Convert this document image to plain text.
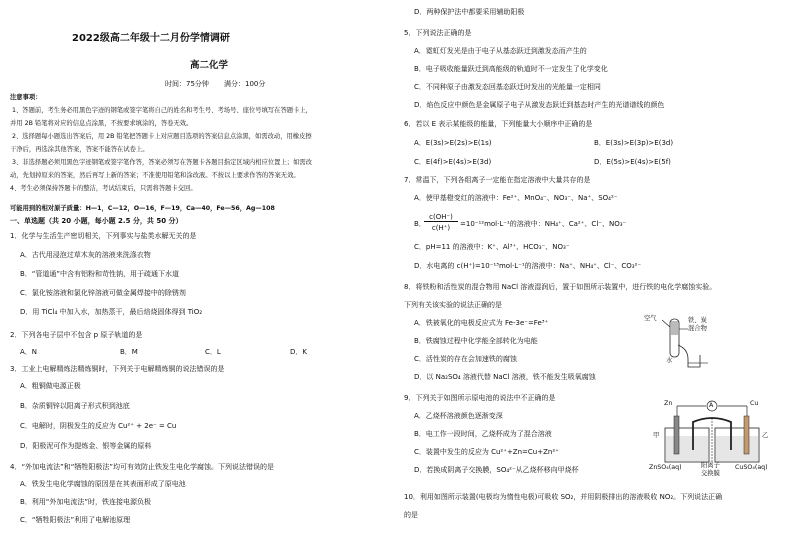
2022级高二年级十二月份学情调研
高二化学
时间：75分钟 满分：100分
注意事项：
1、答题前，考生务必用黑色字迹的钢笔或签字笔将自己的姓名和考生号、考场号、座位号填写在答题卡上，
并用 2B 铅笔将对应的信息点涂黑，不按要求填涂的，答卷无效。
2、选择题每小题选出答案后，用 2B 铅笔把答题卡上对应题目选项的答案信息点涂黑，如需改动，用橡皮擦
干净后，再选涂其他答案，答案不能答在试卷上。
3、非选择题必须用黑色字迹钢笔或签字笔作答，答案必须写在答题卡各题目指定区域内相应位置上；如需改
动，先划掉原来的答案，然后再写上新的答案；不准使用铅笔和涂改液。不按以上要求作答的答案无效。
4、考生必须保持答题卡的整洁，考试结束后，只需将答题卡交回。
可能用到的相对原子质量：H—1，C—12，O—16，F—19，Ca—40，Fe—56，Ag—108
一、单选题（共 20 小题，每小题 2.5 分，共 50 分）
1．化学与生活生产密切相关，下列事实与盐类水解无关的是
A．古代用浸泡过草木灰的溶液来洗涤衣物
B．“管道通”中含有铝粉和苛性钠，用于疏通下水道
C．氯化铵溶液和氯化锌溶液可做金属焊接中的除锈剂
D．用 TiCl₄ 中加入水，加热蒸干，最后焙烧固体得到 TiO₂
2．下列各电子层中不包含 p 原子轨道的是
A．N	B．M	C．L	D．K
3．工业上电解精炼法精炼铜时，下列关于电解精炼铜的说法错误的是
A．粗铜做电源正极
B．杂质铜锌以阳离子形式积到池底
C．电解时，阴极发生的反应为 Cu²⁺ + 2e⁻ = Cu
D．阳极泥可作为提炼金、银等金属的原料
4．“外加电流法”和“牺牲阳极法”均可有效防止铁发生电化学腐蚀。下列说法错误的是
A．铁发生电化学腐蚀的原因是在其表面形成了原电池
B．利用“外加电流法”时，铁连接电源负极
C．“牺牲阳极法”利用了电解池原理
D．两种保护法中都要采用辅助阳极
5．下列说法正确的是
A．霓虹灯发光是由于电子从基态跃迁到激发态而产生的
B．电子吸收能量跃迁到高能级的轨道时不一定发生了化学变化
C．不同种原子由激发态回基态跃迁时发出的光能量一定相同
D．焰色反应中颜色是金属原子电子从激发态跃迁到基态时产生的光谱谱线的颜色
6．若以 E 表示某能级的能量，下列能量大小顺序中正确的是
A．E(3s)>E(2s)>E(1s)	B．E(3s)>E(3p)>E(3d)
C．E(4f)>E(4s)>E(3d)	D．E(5s)>E(4s)>E(5f)
7．常温下，下列各组离子一定能在指定溶液中大量共存的是
A．使甲基橙变红的溶液中：Fe²⁺、MnO₄⁻、NO₃⁻、Na⁺、SO₄²⁻
B．
c(OH⁻)
c(H⁺)	=10⁻¹²mol·L⁻¹的溶液中：NH₄⁺、Ca²⁺、Cl⁻、NO₃⁻
C．pH=11 的溶液中：K⁺、Al³⁺、HCO₃⁻、NO₃⁻
D．水电离的 c(H⁺)=10⁻¹³mol·L⁻¹的溶液中：Na⁺、NH₄⁺、Cl⁻、CO₃²⁻
8．将铁粉和活性炭的混合物用 NaCl 溶液湿润后，置于如图所示装置中，进行铁的电化学腐蚀实验。
下列有关该实验的说法正确的是
A．铁被氧化的电极反应式为 Fe-3e⁻=Fe³⁺
B．铁腐蚀过程中化学能全部转化为电能
C．活性炭的存在会加速铁的腐蚀
D．以 Na₂SO₄ 溶液代替 NaCl 溶液，铁不能发生吸氧腐蚀
空气	铁、炭
混合物
水
9．下列关于如图所示原电池的说法中不正确的是
A．乙烧杯溶液颜色逐渐变深
B．电工作一段时间，乙烧杯成为了混合溶液
C．装置中发生的反应为 Cu²⁺+Zn=Cu+Zn²⁺
D．若换成阴离子交换膜，SO₄²⁻从乙烧杯移向甲烧杯
Zn	Cu
A
甲	乙
ZnSO₄(aq)	CuSO₄(aq)
阳离子
交换膜
10．利用如图所示装置(电极均为惰性电极)可吸收 SO₂，并用阴极排出的溶液吸收 NO₂。下列说法正确
的是
